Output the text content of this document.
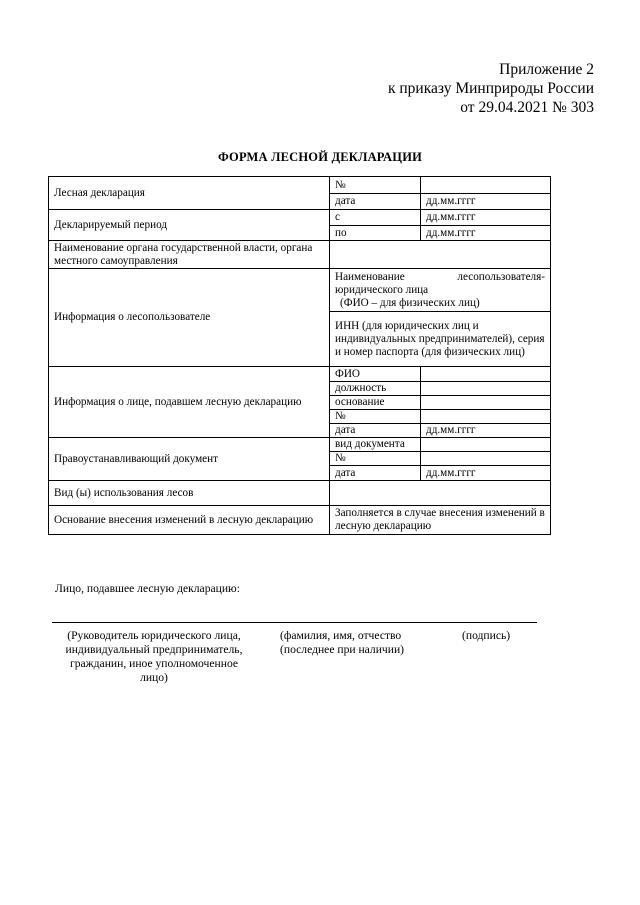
Приложение 2
к приказу Минприроды России
от 29.04.2021 № 303
ФОРМА ЛЕСНОЙ ДЕКЛАРАЦИИ
Лесная декларация	№	
	дата	дд.мм.гггг
Декларируемый период	с	дд.мм.гггг
	по	дд.мм.гггг
Наименование органа государственной власти, органа местного самоуправления		
Информация о лесопользователе	Наименование лесопользователя-
юридического лица
(ФИО – для физических лиц)	

	ИНН (для юридических лиц и индивидуальных предпринимателей), серия и номер паспорта (для физических лиц)	
Информация о лице, подавшем лесную декларацию	ФИО	
	должность	
	основание	
	№	
	дата	дд.мм.гггг
Правоустанавливающий документ	вид документа	
	№	
	дата	дд.мм.гггг
Вид (ы) использования лесов		
Основание внесения изменений в лесную декларацию	Заполняется в случае внесения изменений в лесную декларацию	
Лицо, подавшее лесную декларацию:
(Руководитель юридического лица, индивидуальный предприниматель, гражданин, иное уполномоченное
лицо)
(фамилия, имя, отчество (последнее при наличии)
(подпись)
